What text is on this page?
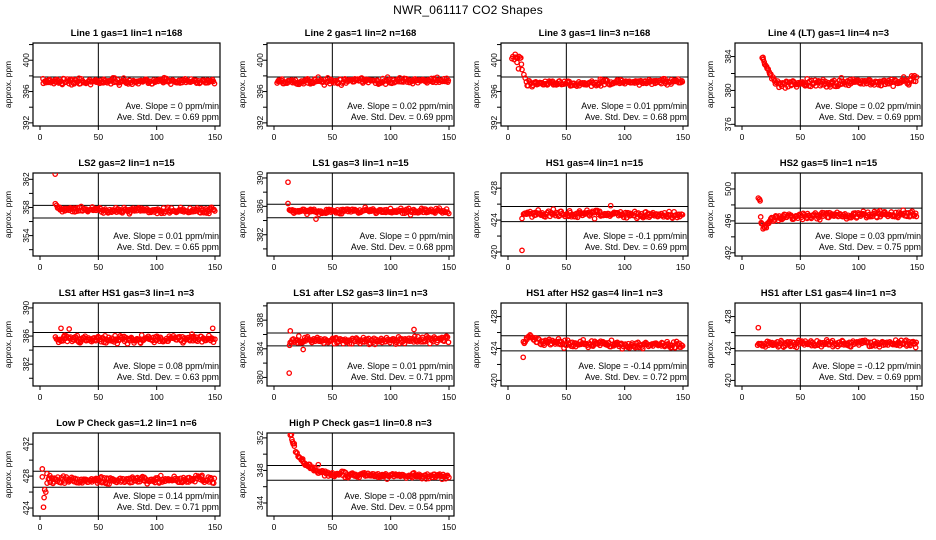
NWR_061117 CO2 Shapes
Line 1 gas=1 lin=1 n=168
392
396
400
approx. ppm
0	50	100	150
Ave. Slope = 0 ppm/min
Ave. Std. Dev. = 0.69 ppm
Line 2 gas=1 lin=2 n=168
392
396
400
approx. ppm
0	50	100	150
Ave. Slope = 0.02 ppm/min
Ave. Std. Dev. = 0.69 ppm
Line 3 gas=1 lin=3 n=168
392
396
400
approx. ppm
0	50	100	150
Ave. Slope = 0.01 ppm/min
Ave. Std. Dev. = 0.68 ppm
Line 4 (LT) gas=1 lin=4 n=3
376
380
384
approx. ppm
0	50	100	150
Ave. Slope = 0.02 ppm/min
Ave. Std. Dev. = 0.69 ppm
LS2 gas=2 lin=1 n=15
354
358
362
approx. ppm
0	50	100	150
Ave. Slope = 0.01 ppm/min
Ave. Std. Dev. = 0.65 ppm
LS1 gas=3 lin=1 n=15
382
386
390
approx. ppm
0	50	100	150
Ave. Slope = 0 ppm/min
Ave. Std. Dev. = 0.68 ppm
HS1 gas=4 lin=1 n=15
420
424
428
approx. ppm
0	50	100	150
Ave. Slope = -0.1 ppm/min
Ave. Std. Dev. = 0.69 ppm
HS2 gas=5 lin=1 n=15
492
496
500
approx. ppm
0	50	100	150
Ave. Slope = 0.03 ppm/min
Ave. Std. Dev. = 0.75 ppm
LS1 after HS1 gas=3 lin=1 n=3
382
386
390
approx. ppm
0	50	100	150
Ave. Slope = 0.08 ppm/min
Ave. Std. Dev. = 0.63 ppm
LS1 after LS2 gas=3 lin=1 n=3
380
384
388
approx. ppm
0	50	100	150
Ave. Slope = 0.01 ppm/min
Ave. Std. Dev. = 0.71 ppm
HS1 after HS2 gas=4 lin=1 n=3
420
424
428
approx. ppm
0	50	100	150
Ave. Slope = -0.14 ppm/min
Ave. Std. Dev. = 0.72 ppm
HS1 after LS1 gas=4 lin=1 n=3
420
424
428
approx. ppm
0	50	100	150
Ave. Slope = -0.12 ppm/min
Ave. Std. Dev. = 0.69 ppm
Low P Check gas=1.2 lin=1 n=6
424
428
432
approx. ppm
0	50	100	150
Ave. Slope = 0.14 ppm/min
Ave. Std. Dev. = 0.71 ppm
High P Check gas=1 lin=0.8 n=3
344
348
352
approx. ppm
0	50	100	150
Ave. Slope = -0.08 ppm/min
Ave. Std. Dev. = 0.54 ppm
